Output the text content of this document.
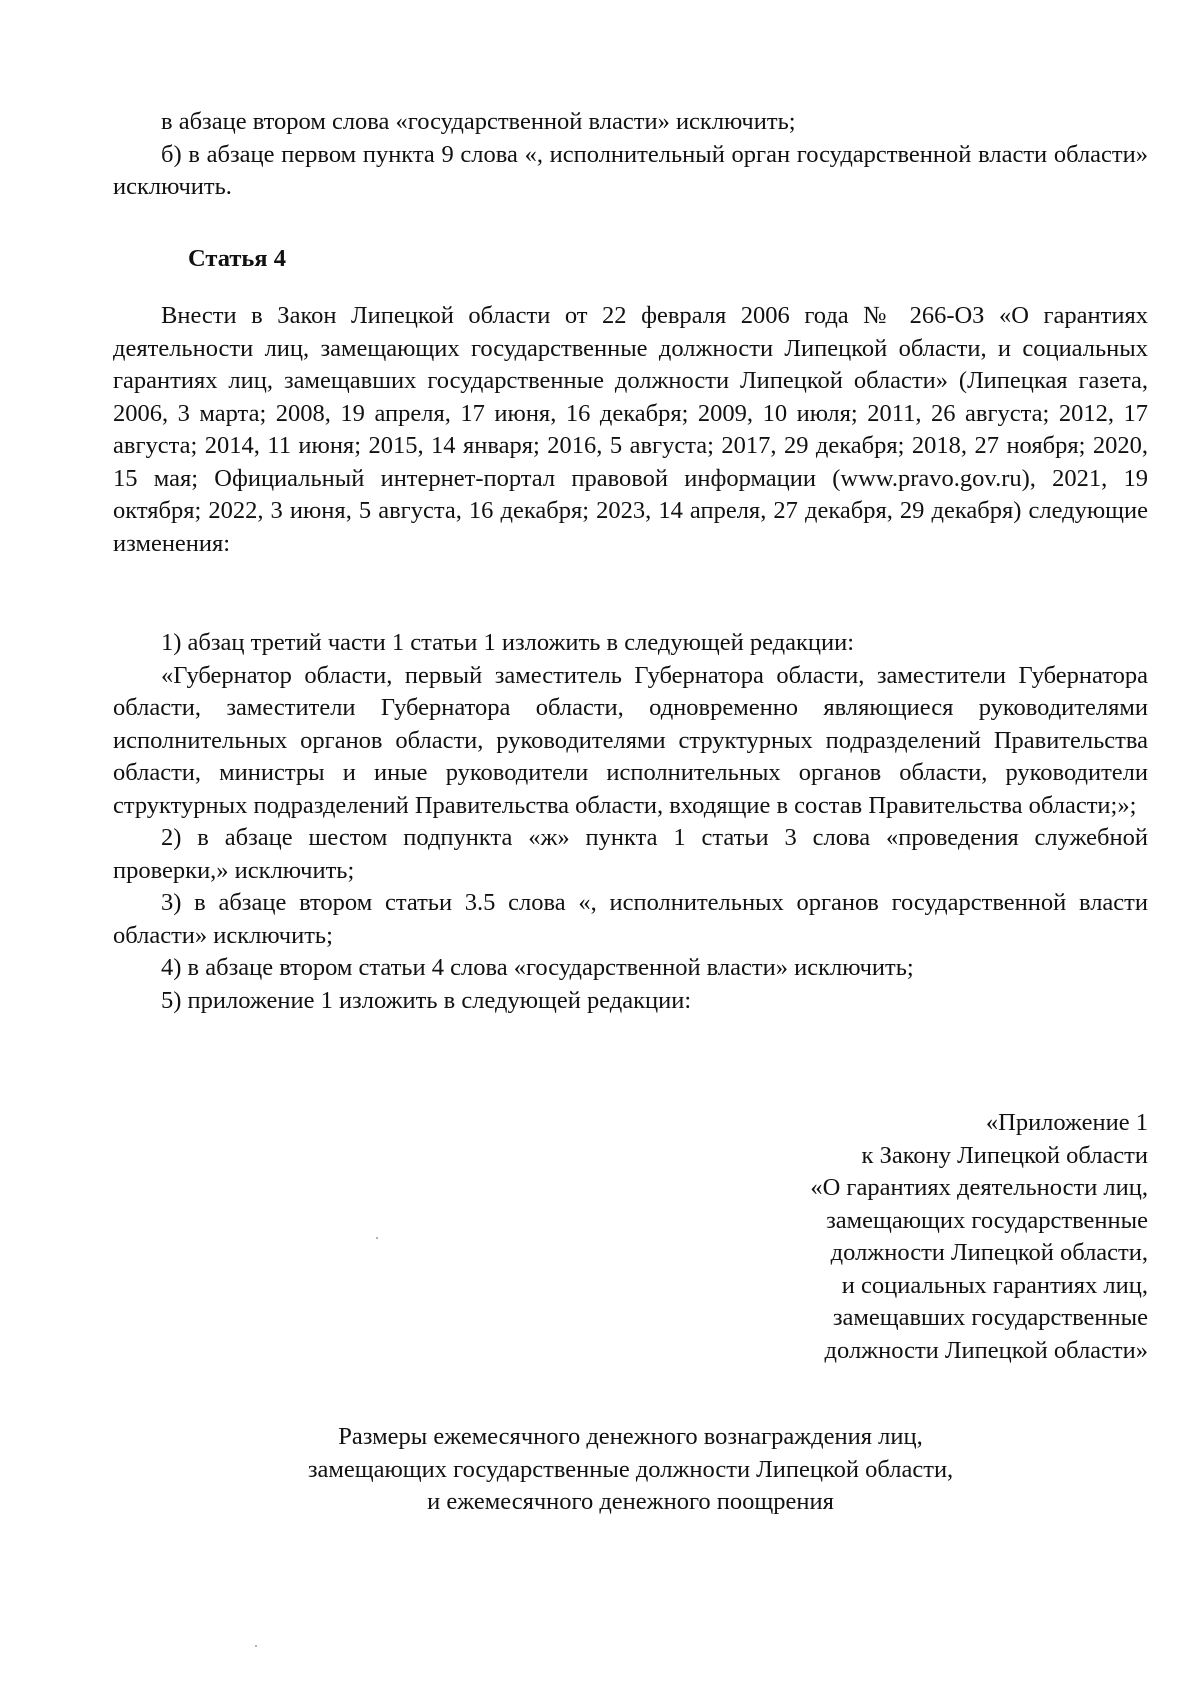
в абзаце втором слова «государственной власти» исключить;

б) в абзаце первом пункта 9 слова «, исполнительный орган государственной власти области» исключить.

Статья 4

Внести в Закон Липецкой области от 22 февраля 2006 года № 266-ОЗ «О гарантиях деятельности лиц, замещающих государственные должности Липецкой области, и социальных гарантиях лиц, замещавших государственные должности Липецкой области» (Липецкая газета, 2006, 3 марта; 2008, 19 апреля, 17 июня, 16 декабря; 2009, 10 июля; 2011, 26 августа; 2012, 17 августа; 2014, 11 июня; 2015, 14 января; 2016, 5 августа; 2017, 29 декабря; 2018, 27 ноября; 2020, 15 мая; Официальный интернет-портал правовой информации (www.pravo.gov.ru), 2021, 19 октября; 2022, 3 июня, 5 августа, 16 декабря; 2023, 14 апреля, 27 декабря, 29 декабря) следующие изменения:

1) абзац третий части 1 статьи 1 изложить в следующей редакции:

«Губернатор области, первый заместитель Губернатора области, заместители Губернатора области, заместители Губернатора области, одновременно являющиеся руководителями исполнительных органов области, руководителями структурных подразделений Правительства области, министры и иные руководители исполнительных органов области, руководители структурных подразделений Правительства области, входящие в состав Правительства области;»;

2) в абзаце шестом подпункта «ж» пункта 1 статьи 3 слова «проведения служебной проверки,» исключить;

3) в абзаце втором статьи 3.5 слова «, исполнительных органов государственной власти области» исключить;

4) в абзаце втором статьи 4 слова «государственной власти» исключить;

5) приложение 1 изложить в следующей редакции:

«Приложение 1
к Закону Липецкой области
«О гарантиях деятельности лиц,
замещающих государственные
должности Липецкой области,
и социальных гарантиях лиц,
замещавших государственные
должности Липецкой области»
Размеры ежемесячного денежного вознаграждения лиц,
замещающих государственные должности Липецкой области,
и ежемесячного денежного поощрения
